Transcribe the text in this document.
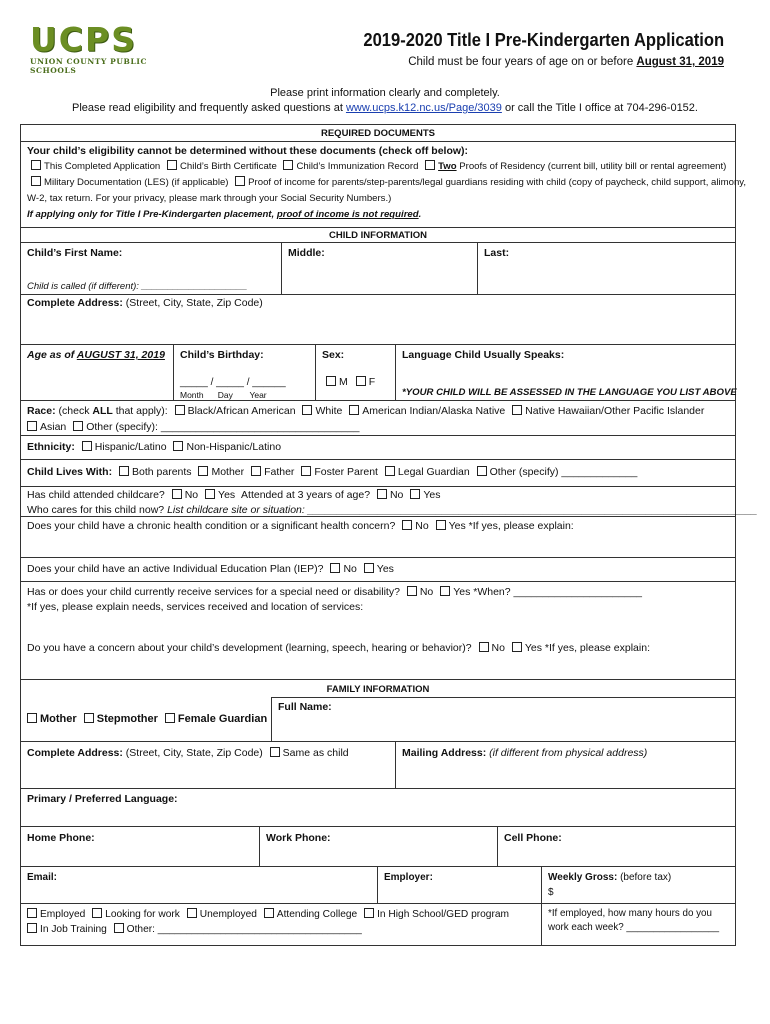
UCPS
UNION COUNTY PUBLIC SCHOOLS
2019-2020 Title I Pre-Kindergarten Application
Child must be four years of age on or before August 31, 2019
Please print information clearly and completely.
Please read eligibility and frequently asked questions at www.ucps.k12.nc.us/Page/3039 or call the Title I office at 704-296-0152.
REQUIRED DOCUMENTS
Your child’s eligibility cannot be determined without these documents (check off below):
This Completed Application Child’s Birth Certificate Child’s Immunization Record Two Proofs of Residency (current bill, utility bill or rental agreement)
Military Documentation (LES) (if applicable) Proof of income for parents/step-parents/legal guardians residing with child (copy of paycheck, child support, alimony,
W-2, tax return. For your privacy, please mark through your Social Security Numbers.)
If applying only for Title I Pre-Kindergarten placement, proof of income is not required.
CHILD INFORMATION
Child’s First Name:	Middle:	Last:
Child is called (if different): ____________________
Complete Address: (Street, City, State, Zip Code)
Age as of AUGUST 31, 2019	Child’s Birthday:
_____ / _____ / ______
Month Day Year
Sex:
M F
Language Child Usually Speaks:
*YOUR CHILD WILL BE ASSESSED IN THE LANGUAGE YOU LIST ABOVE
Race: (check ALL that apply): Black/African American White American Indian/Alaska Native Native Hawaiian/Other Pacific Islander
Asian Other (specify): __________________________________
Ethnicity: Hispanic/Latino Non-Hispanic/Latino
Child Lives With: Both parents Mother Father Foster Parent Legal Guardian Other (specify) _____________
Has child attended childcare? No Yes Attended at 3 years of age? No Yes
Who cares for this child now? List childcare site or situation: _____________________________________________________________________________
Does your child have a chronic health condition or a significant health concern? No Yes *If yes, please explain:
Does your child have an active Individual Education Plan (IEP)? No Yes
Has or does your child currently receive services for a special need or disability? No Yes *When? ______________________
*If yes, please explain needs, services received and location of services:
Do you have a concern about your child’s development (learning, speech, hearing or behavior)? No Yes *If yes, please explain:
FAMILY INFORMATION
Mother Stepmother Female Guardian
Full Name:
Complete Address: (Street, City, State, Zip Code) Same as child	Mailing Address: (if different from physical address)
Primary / Preferred Language:
Home Phone:	Work Phone:	Cell Phone:
Email:	Employer:	Weekly Gross: (before tax)
$
Employed Looking for work Unemployed Attending College In High School/GED program
In Job Training Other: ____________________________________
*If employed, how many hours do you work each week? _________________
